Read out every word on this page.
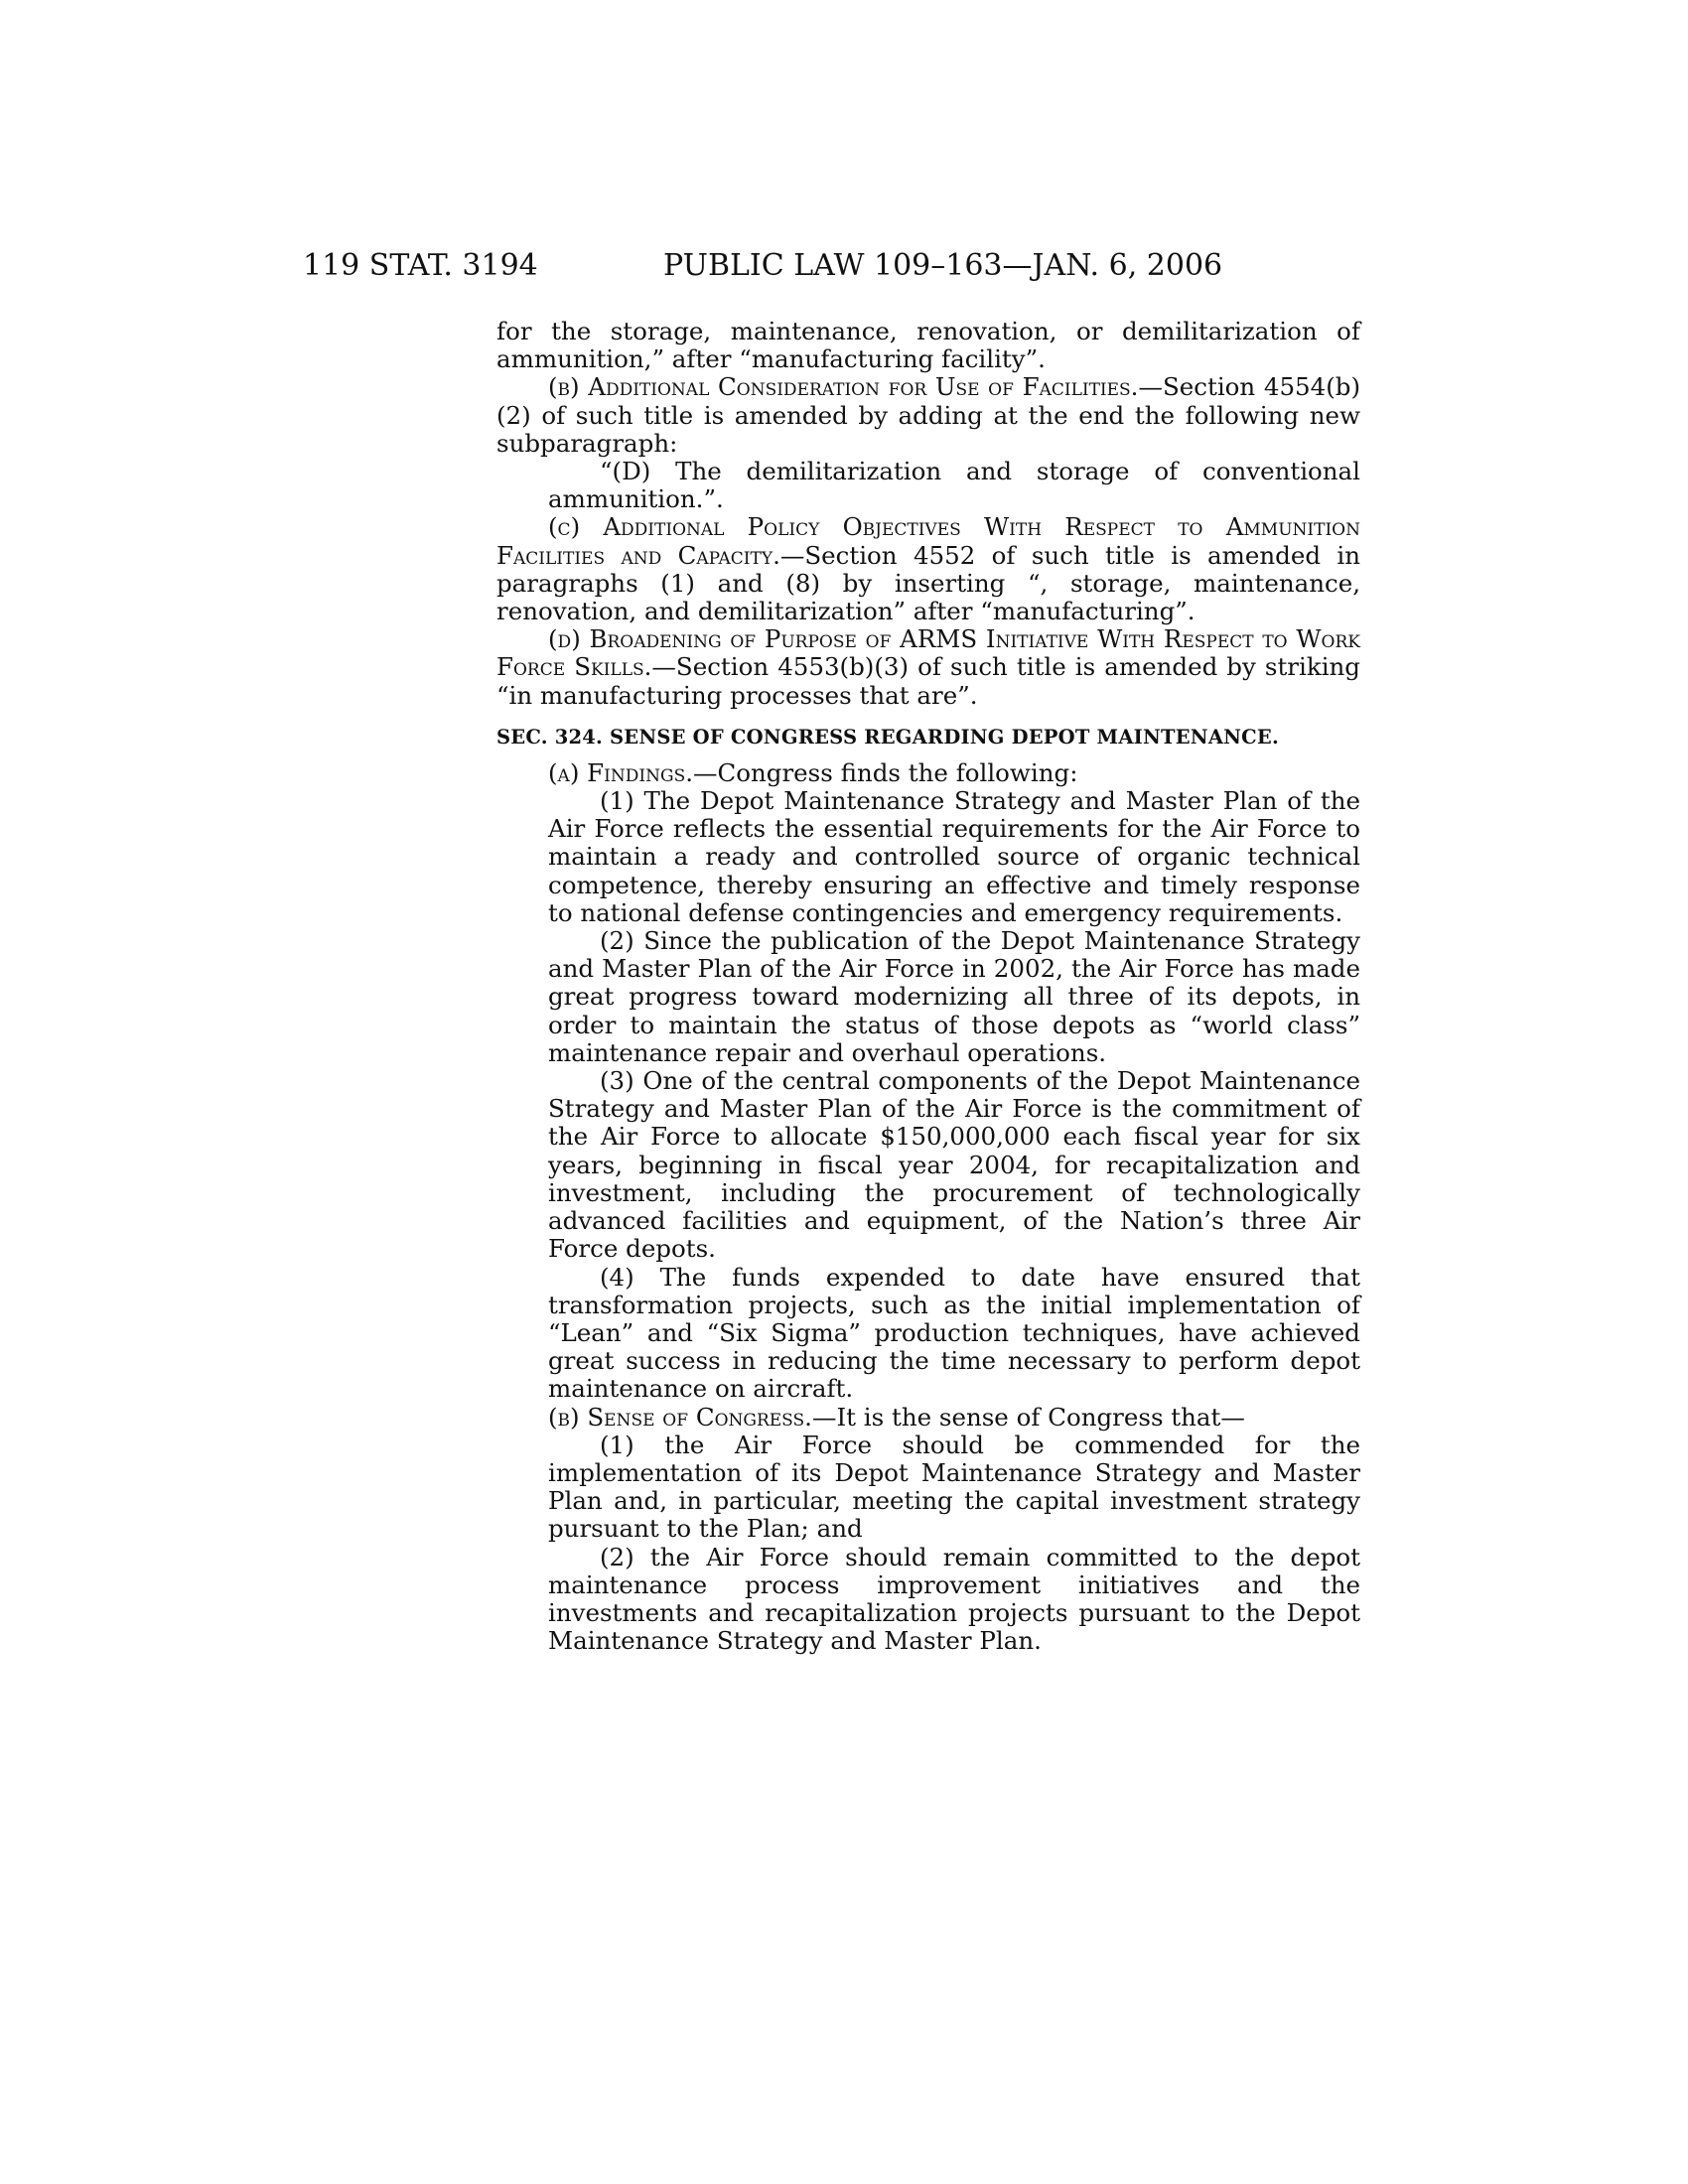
119 STAT. 3194	PUBLIC LAW 109–163—JAN. 6, 2006

for the storage, maintenance, renovation, or demilitarization of ammunition,” after “manufacturing facility”.

(b) Additional Consideration for Use of Facilities.—Section 4554(b)(2) of such title is amended by adding at the end the following new subparagraph:

“(D) The demilitarization and storage of conventional ammunition.”.

(c) Additional Policy Objectives With Respect to Ammunition Facilities and Capacity.—Section 4552 of such title is amended in paragraphs (1) and (8) by inserting “, storage, maintenance, renovation, and demilitarization” after “manufacturing”.

(d) Broadening of Purpose of ARMS Initiative With Respect to Work Force Skills.—Section 4553(b)(3) of such title is amended by striking “in manufacturing processes that are”.

SEC. 324. SENSE OF CONGRESS REGARDING DEPOT MAINTENANCE.

(a) Findings.—Congress finds the following:

(1) The Depot Maintenance Strategy and Master Plan of the Air Force reflects the essential requirements for the Air Force to maintain a ready and controlled source of organic technical competence, thereby ensuring an effective and timely response to national defense contingencies and emergency requirements.

(2) Since the publication of the Depot Maintenance Strategy and Master Plan of the Air Force in 2002, the Air Force has made great progress toward modernizing all three of its depots, in order to maintain the status of those depots as “world class” maintenance repair and overhaul operations.

(3) One of the central components of the Depot Maintenance Strategy and Master Plan of the Air Force is the commitment of the Air Force to allocate $150,000,000 each fiscal year for six years, beginning in fiscal year 2004, for recapitalization and investment, including the procurement of technologically advanced facilities and equipment, of the Nation’s three Air Force depots.

(4) The funds expended to date have ensured that transformation projects, such as the initial implementation of “Lean” and “Six Sigma” production techniques, have achieved great success in reducing the time necessary to perform depot maintenance on aircraft.

(b) Sense of Congress.—It is the sense of Congress that—

(1) the Air Force should be commended for the implementation of its Depot Maintenance Strategy and Master Plan and, in particular, meeting the capital investment strategy pursuant to the Plan; and

(2) the Air Force should remain committed to the depot maintenance process improvement initiatives and the investments and recapitalization projects pursuant to the Depot Maintenance Strategy and Master Plan.
